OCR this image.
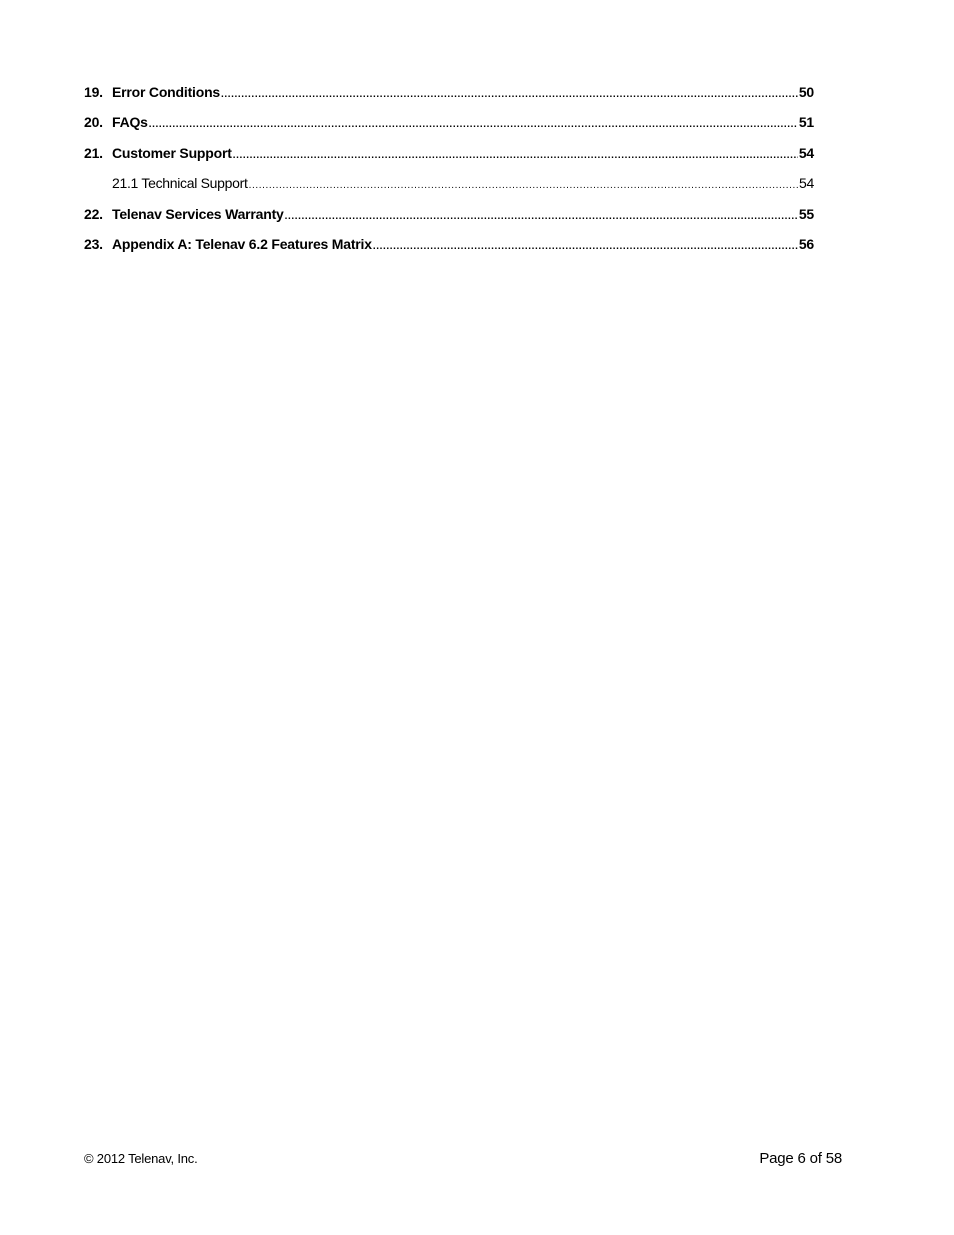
19. Error Conditions .....	50
20. FAQs .....	51
21. Customer Support .....	54
21.1 Technical Support .....	54
22. Telenav Services Warranty .....	55
23. Appendix A: Telenav 6.2 Features Matrix .....	56
© 2012 Telenav, Inc.	Page 6 of 58
